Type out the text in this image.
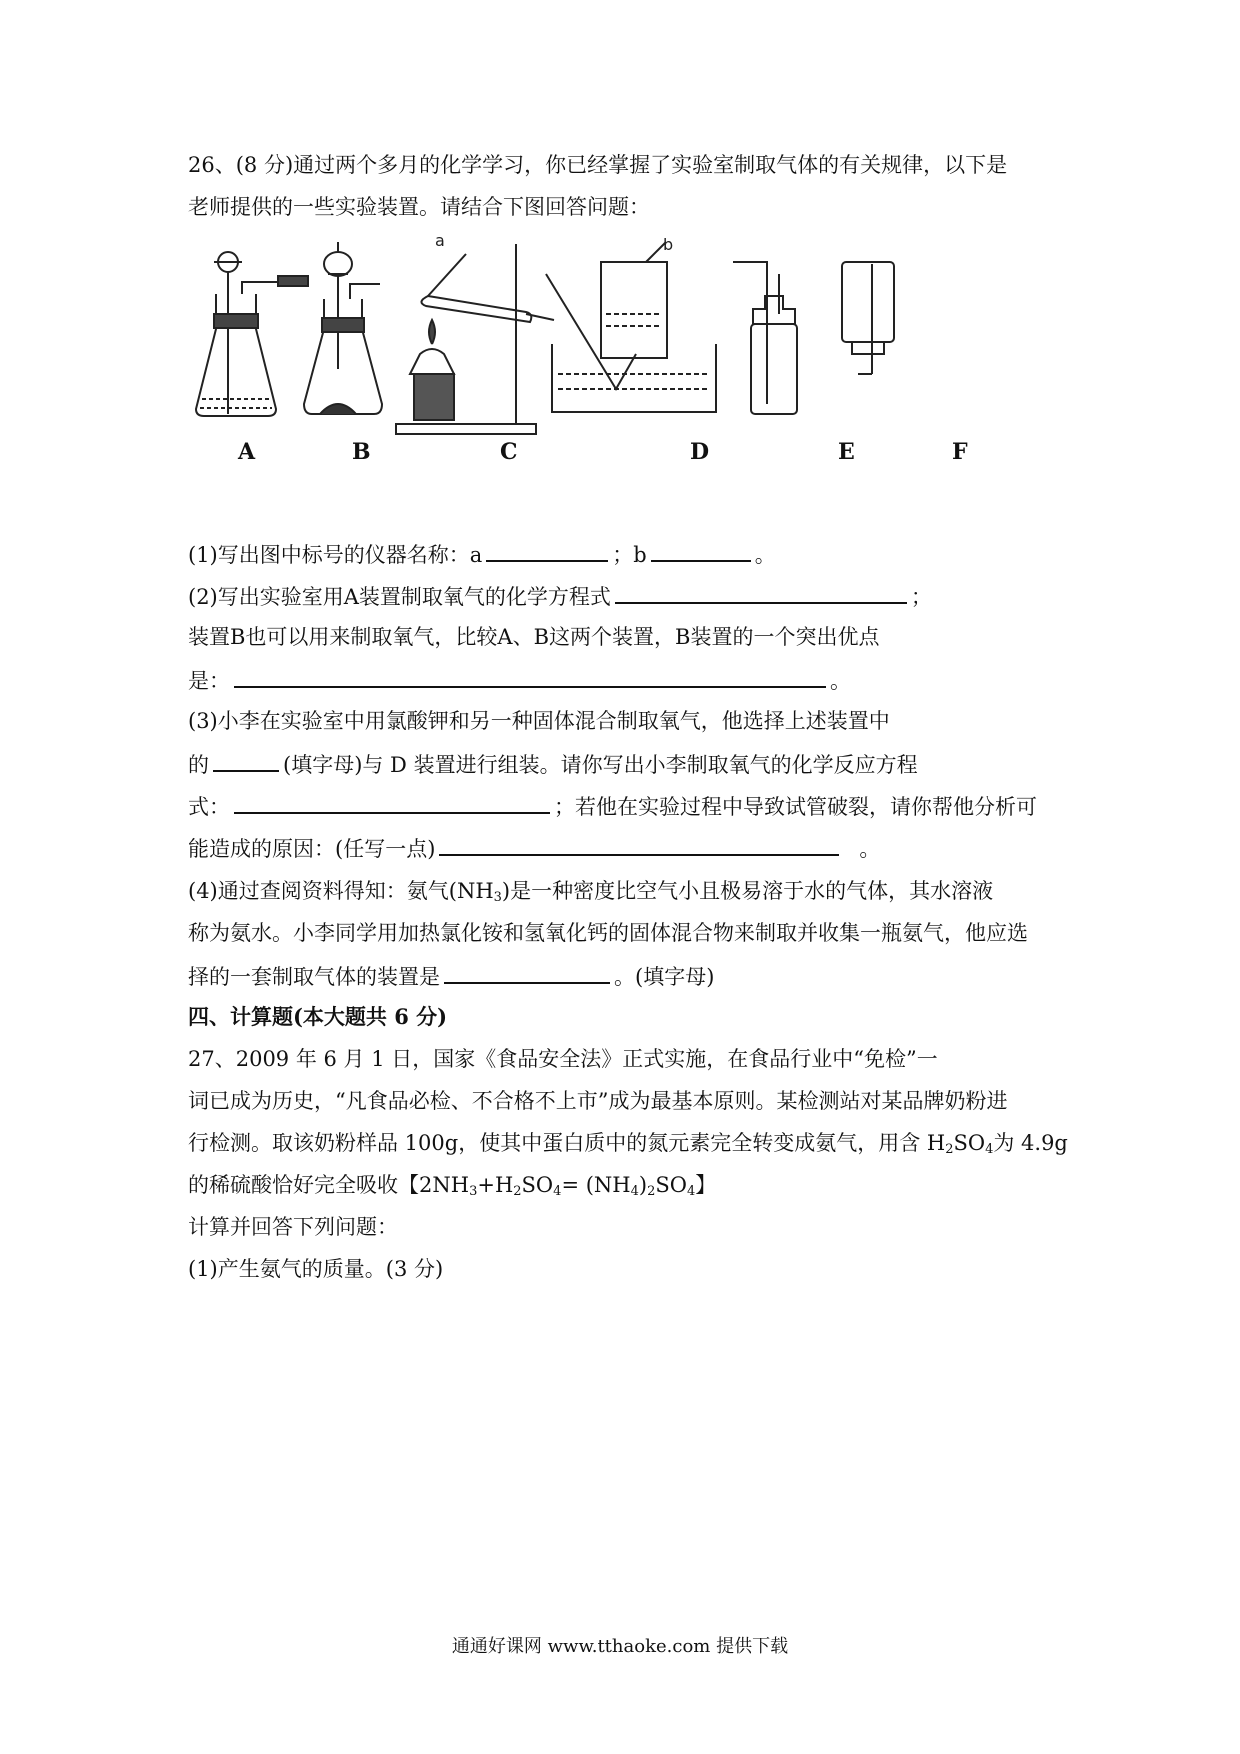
26、(8 分)通过两个多月的化学学习，你已经掌握了实验室制取气体的有关规律，以下是
老师提供的一些实验装置。请结合下图回答问题：
a	b
A	B	C	D	E	F
(1)写出图中标号的仪器名称：a	；b	。
(2)写出实验室用A装置制取氧气的化学方程式	；
装置B也可以用来制取氧气，比较A、B这两个装置，B装置的一个突出优点
是：	。
(3)小李在实验室中用氯酸钾和另一种固体混合制取氧气，他选择上述装置中
的	(填字母)与 D 装置进行组装。请你写出小李制取氧气的化学反应方程
式：	；若他在实验过程中导致试管破裂，请你帮他分析可
能造成的原因：(任写一点)	。
(4)通过查阅资料得知：氨气$(NH_3)$是一种密度比空气小且极易溶于水的气体，其水溶液
称为氨水。小李同学用加热氯化铵和氢氧化钙的固体混合物来制取并收集一瓶氨气，他应选
择的一套制取气体的装置是	。(填字母)
四、计算题(本大题共 6 分)
27、2009 年 6 月 1 日，国家《食品安全法》正式实施，在食品行业中“免检”一
词已成为历史，“凡食品必检、不合格不上市”成为最基本原则。某检测站对某品牌奶粉进
行检测。取该奶粉样品 100g，使其中蛋白质中的氮元素完全转变成氨气，用含 $H_2SO_4$为 4.9g
的稀硫酸恰好完全吸收【$2NH_3+H_2SO_4= (NH_4)_2SO_4$】
计算并回答下列问题：
(1)产生氨气的质量。(3 分)
通通好课网 www.tthaoke.com 提供下载
